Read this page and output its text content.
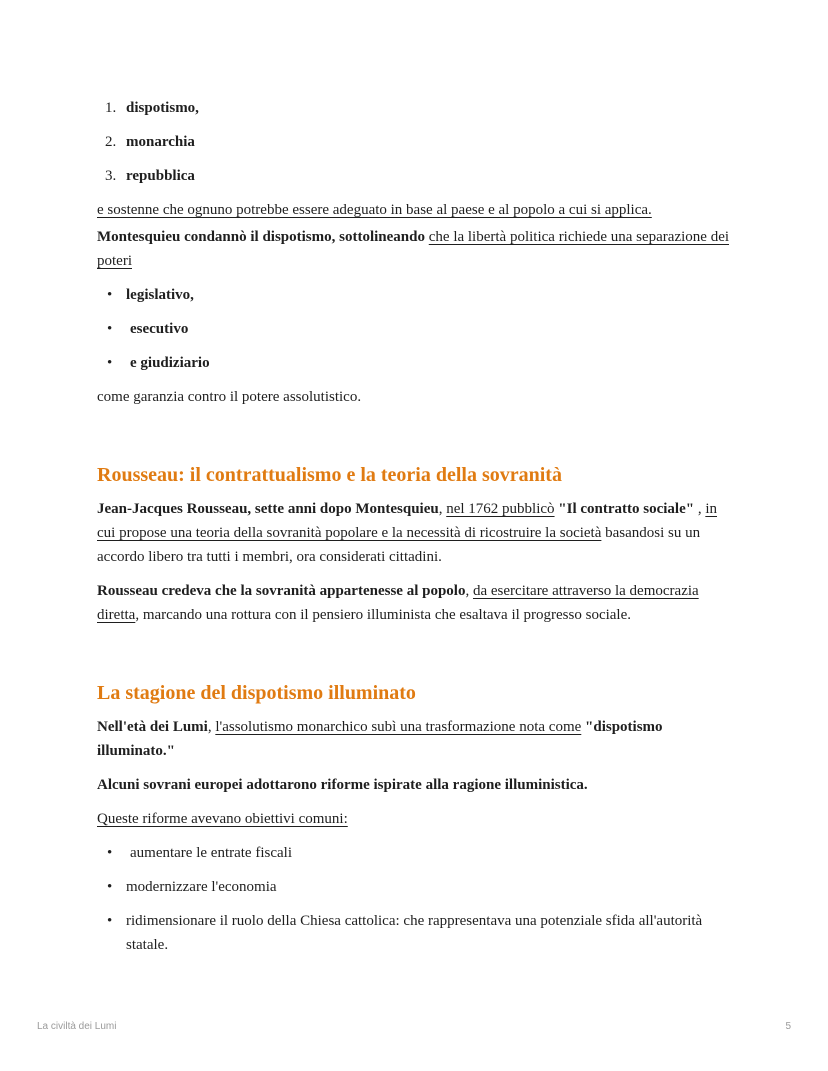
1. dispotismo,
2. monarchia
3. repubblica

e sostenne che ognuno potrebbe essere adeguato in base al paese e al popolo a cui si applica.

Montesquieu condannò il dispotismo, sottolineando che la libertà politica richiede una separazione dei poteri

• legislativo,
• esecutivo
• e giudiziario

come garanzia contro il potere assolutistico.

Rousseau: il contrattualismo e la teoria della sovranità

Jean-Jacques Rousseau, sette anni dopo Montesquieu, nel 1762 pubblicò "Il contratto sociale" , in cui propose una teoria della sovranità popolare e la necessità di ricostruire la società basandosi su un accordo libero tra tutti i membri, ora considerati cittadini.

Rousseau credeva che la sovranità appartenesse al popolo, da esercitare attraverso la democrazia diretta, marcando una rottura con il pensiero illuminista che esaltava il progresso sociale.

La stagione del dispotismo illuminato

Nell'età dei Lumi, l'assolutismo monarchico subì una trasformazione nota come "dispotismo illuminato."

Alcuni sovrani europei adottarono riforme ispirate alla ragione illuministica.

Queste riforme avevano obiettivi comuni:

• aumentare le entrate fiscali
• modernizzare l'economia
• ridimensionare il ruolo della Chiesa cattolica: che rappresentava una potenziale sfida all'autorità statale.
La civiltà dei Lumi	5
